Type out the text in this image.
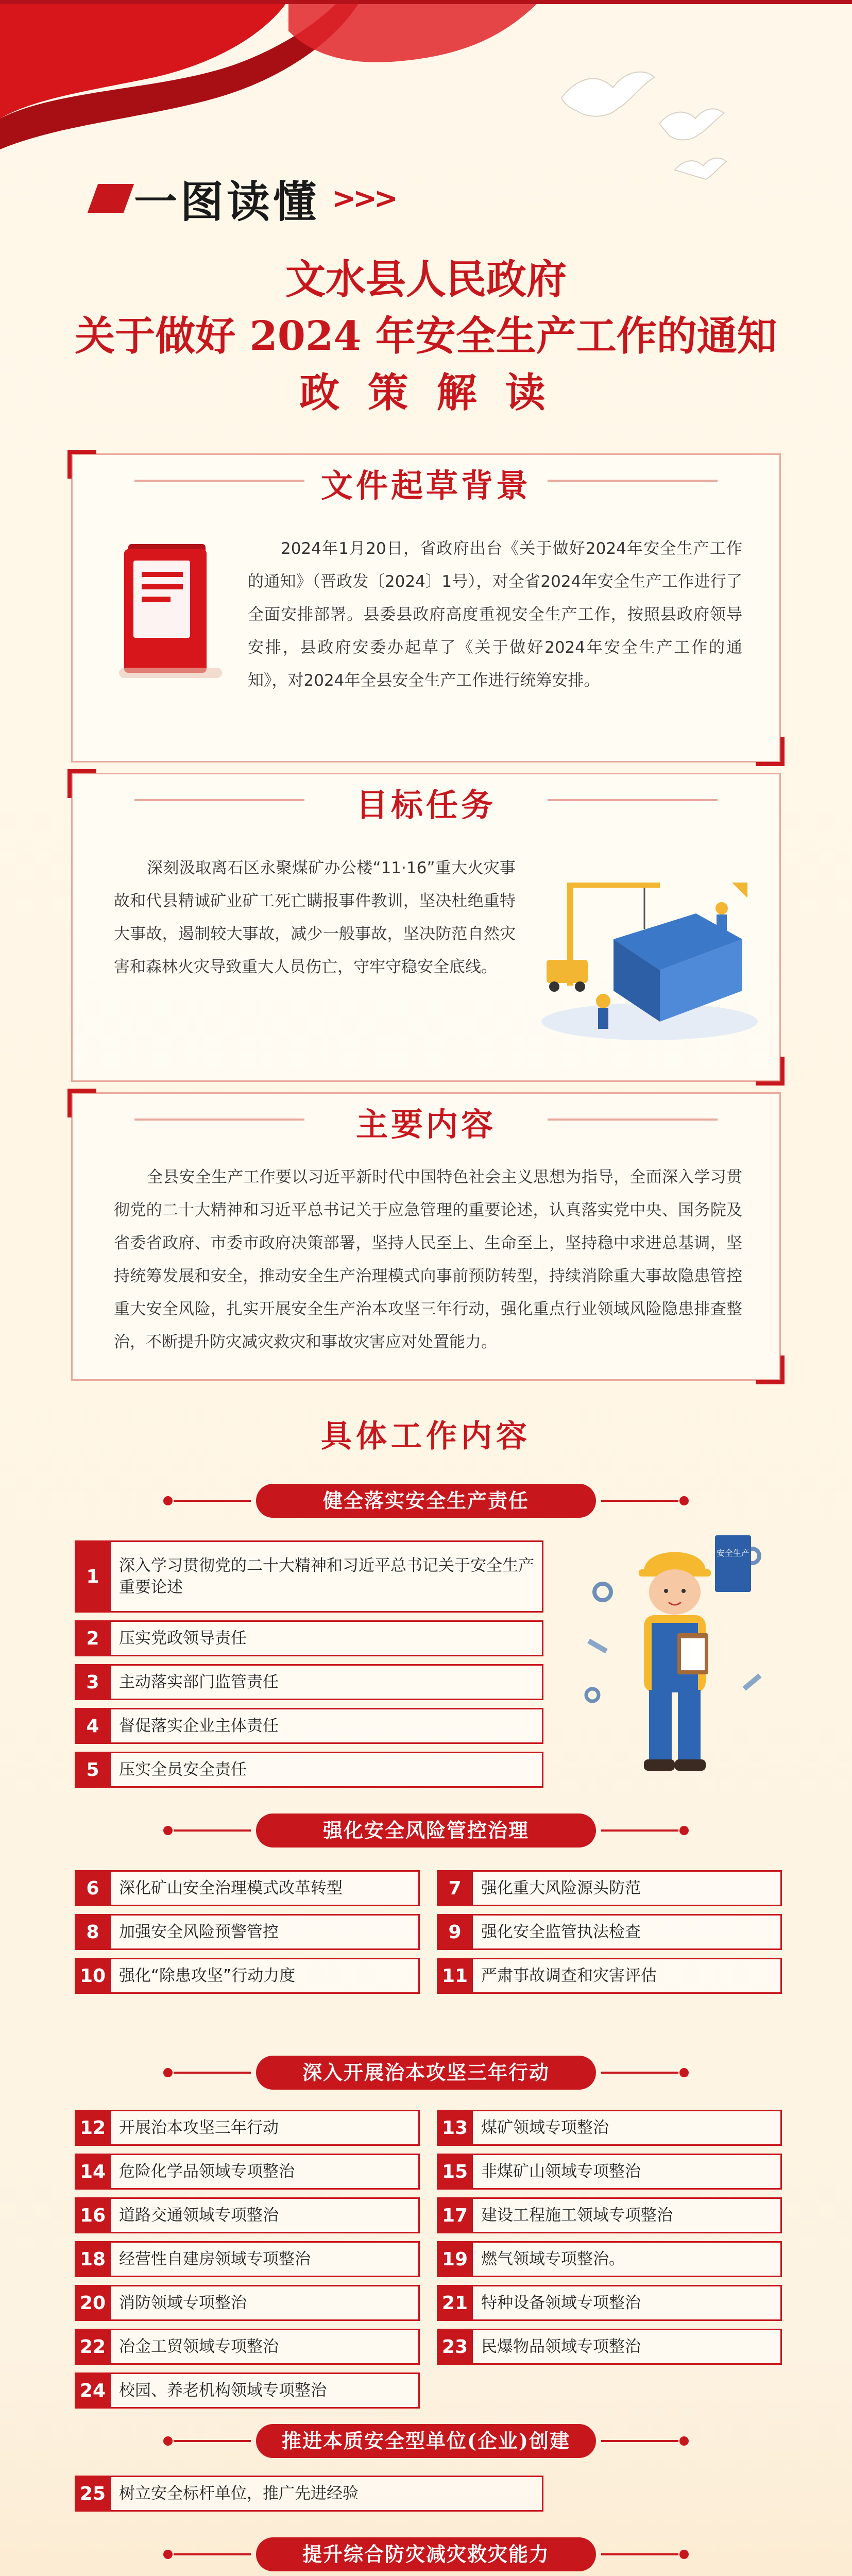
一图读懂 >>>
文水县人民政府
关于做好 2024 年安全生产工作的通知
政 策 解 读
文件起草背景
2024年1月20日，省政府出台《关于做好2024年安全生产工作的通知》（晋政发〔2024〕1号），对全省2024年安全生产工作进行了全面安排部署。县委县政府高度重视安全生产工作，按照县政府领导安排，县政府安委办起草了《关于做好2024年安全生产工作的通知》，对2024年全县安全生产工作进行统筹安排。
目标任务
深刻汲取离石区永聚煤矿办公楼“11·16”重大火灾事故和代县精诚矿业矿工死亡瞒报事件教训，坚决杜绝重特大事故，遏制较大事故，减少一般事故，坚决防范自然灾害和森林火灾导致重大人员伤亡，守牢守稳安全底线。
主要内容
全县安全生产工作要以习近平新时代中国特色社会主义思想为指导，全面深入学习贯彻党的二十大精神和习近平总书记关于应急管理的重要论述，认真落实党中央、国务院及省委省政府、市委市政府决策部署，坚持人民至上、生命至上，坚持稳中求进总基调，坚持统筹发展和安全，推动安全生产治理模式向事前预防转型，持续消除重大事故隐患管控重大安全风险，扎实开展安全生产治本攻坚三年行动，强化重点行业领域风险隐患排查整治，不断提升防灾减灾救灾和事故灾害应对处置能力。
具体工作内容
健全落实安全生产责任
1
深入学习贯彻党的二十大精神和习近平总书记关于安全生产重要论述
2	压实党政领导责任
3	主动落实部门监管责任
4	督促落实企业主体责任
5	压实全员安全责任
安全生产
强化安全风险管控治理
6	深化矿山安全治理模式改革转型	7	强化重大风险源头防范
8	加强安全风险预警管控	9	强化安全监管执法检查
10 强化“除患攻坚”行动力度	11 严肃事故调查和灾害评估
深入开展治本攻坚三年行动
12 开展治本攻坚三年行动	13 煤矿领域专项整治
14 危险化学品领域专项整治	15 非煤矿山领域专项整治
16 道路交通领域专项整治	17 建设工程施工领域专项整治
18 经营性自建房领域专项整治	19 燃气领域专项整治。
20 消防领域专项整治	21 特种设备领域专项整治
22 冶金工贸领域专项整治	23 民爆物品领域专项整治
24 校园、养老机构领域专项整治
推进本质安全型单位(企业)创建
25 树立安全标杆单位，推广先进经验
提升综合防灾减灾救灾能力
